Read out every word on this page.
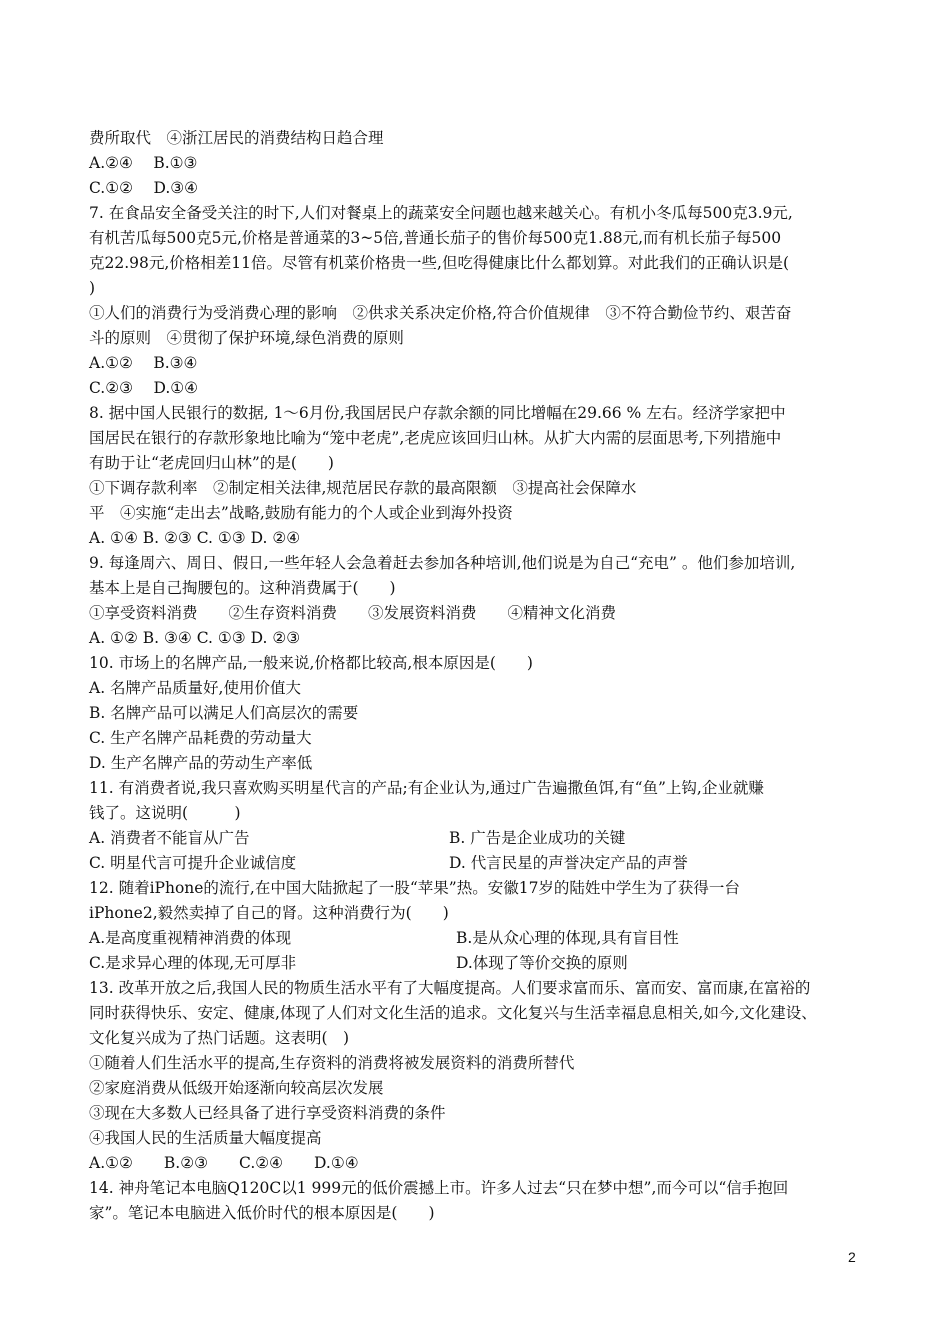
费所取代　④浙江居民的消费结构日趋合理
A.②④　 B.①③
C.①②　 D.③④
7. 在食品安全备受关注的时下,人们对餐桌上的蔬菜安全问题也越来越关心。有机小冬瓜每500克3.9元,
有机苦瓜每500克5元,价格是普通菜的3~5倍,普通长茄子的售价每500克1.88元,而有机长茄子每500
克22.98元,价格相差11倍。尽管有机菜价格贵一些,但吃得健康比什么都划算。对此我们的正确认识是(
)
①人们的消费行为受消费心理的影响　②供求关系决定价格,符合价值规律　③不符合勤俭节约、艰苦奋
斗的原则　④贯彻了保护环境,绿色消费的原则
A.①②　 B.③④
C.②③　 D.①④
8. 据中国人民银行的数据, 1～6月份,我国居民户存款余额的同比增幅在29.66 % 左右。经济学家把中
国居民在银行的存款形象地比喻为“笼中老虎”,老虎应该回归山林。从扩大内需的层面思考,下列措施中
有助于让“老虎回归山林”的是(　　)
①下调存款利率　②制定相关法律,规范居民存款的最高限额　③提高社会保障水
平　④实施“走出去”战略,鼓励有能力的个人或企业到海外投资
A. ①④ B. ②③ C. ①③ D. ②④
9. 每逢周六、周日、假日,一些年轻人会急着赶去参加各种培训,他们说是为自己“充电” 。他们参加培训,
基本上是自己掏腰包的。这种消费属于(　　)
①享受资料消费　　②生存资料消费　　③发展资料消费　　④精神文化消费
A. ①② B. ③④ C. ①③ D. ②③
10. 市场上的名牌产品,一般来说,价格都比较高,根本原因是(　　)
A. 名牌产品质量好,使用价值大
B. 名牌产品可以满足人们高层次的需要
C. 生产名牌产品耗费的劳动量大
D. 生产名牌产品的劳动生产率低
11. 有消费者说,我只喜欢购买明星代言的产品;有企业认为,通过广告遍撒鱼饵,有“鱼”上钩,企业就赚
钱了。这说明(　　　)
A. 消费者不能盲从广告	B. 广告是企业成功的关键
C. 明星代言可提升企业诚信度	D. 代言民星的声誉决定产品的声誉
12. 随着iPhone的流行,在中国大陆掀起了一股“苹果”热。安徽17岁的陆姓中学生为了获得一台
iPhone2,毅然卖掉了自己的肾。这种消费行为(　　)
A.是高度重视精神消费的体现	B.是从众心理的体现,具有盲目性
C.是求异心理的体现,无可厚非	D.体现了等价交换的原则
13. 改革开放之后,我国人民的物质生活水平有了大幅度提高。人们要求富而乐、富而安、富而康,在富裕的
同时获得快乐、安定、健康,体现了人们对文化生活的追求。文化复兴与生活幸福息息相关,如今,文化建设、
文化复兴成为了热门话题。这表明(　)
①随着人们生活水平的提高,生存资料的消费将被发展资料的消费所替代
②家庭消费从低级开始逐渐向较高层次发展
③现在大多数人已经具备了进行享受资料消费的条件
④我国人民的生活质量大幅度提高
A.①②　　B.②③　　C.②④　　D.①④
14. 神舟笔记本电脑Q120C以1 999元的低价震撼上市。许多人过去“只在梦中想”,而今可以“信手抱回
家”。笔记本电脑进入低价时代的根本原因是(　　)
2
